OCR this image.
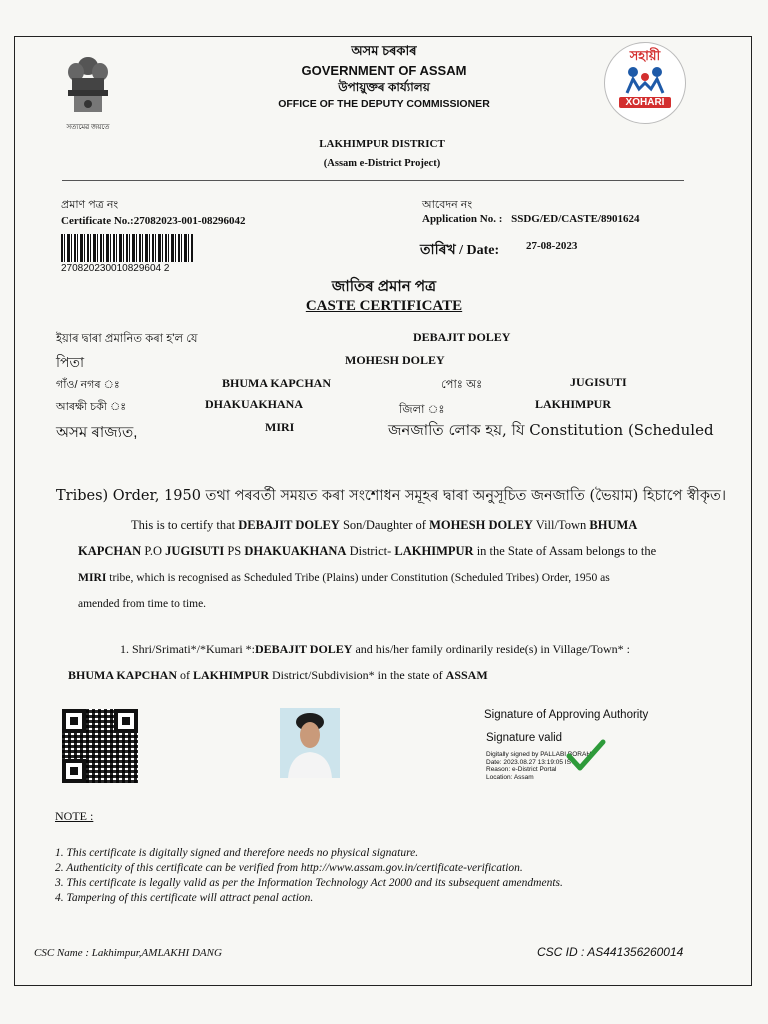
সত্যমেৱ জয়তে
অসম চৰকাৰ
GOVERNMENT OF ASSAM
উপায়ুক্তৰ কাৰ্য্যালয়
OFFICE OF THE DEPUTY COMMISSIONER
সহায়ী
XOHARI
LAKHIMPUR DISTRICT
(Assam e-District Project)
প্ৰমাণ পত্ৰ নং
Certificate No.:27082023-001-08296042
270820230010829604 2
আবেদন নং
Application No. : SSDG/ED/CASTE/8901624
তাৰিখ / Date: 27-08-2023
জাতিৰ প্ৰমান পত্ৰ
CASTE CERTIFICATE
ইয়াৰ দ্বাৰা প্ৰমানিত কৰা হ'ল যে	DEBAJIT DOLEY
পিতা	MOHESH DOLEY
গাঁও/ নগৰ ঃ	BHUMA KAPCHAN	পোঃ অঃ	JUGISUTI
আৰক্ষী চকী ঃ	DHAKUAKHANA	জিলা ঃ	LAKHIMPUR
অসম ৰাজ্যত,	MIRI	জনজাতি লোক হয়, যি Constitution (Scheduled
Tribes) Order, 1950 তথা পৰবৰ্তী সময়ত কৰা সংশোধন সমূহৰ দ্বাৰা অনুসূচিত জনজাতি (ভৈয়াম) হিচাপে স্বীকৃত।
This is to certify that DEBAJIT DOLEY Son/Daughter of MOHESH DOLEY Vill/Town BHUMA
KAPCHAN P.O JUGISUTI PS DHAKUAKHANA District- LAKHIMPUR in the State of Assam belongs to the
MIRI tribe, which is recognised as Scheduled Tribe (Plains) under Constitution (Scheduled Tribes) Order, 1950 as
amended from time to time.
1. Shri/Srimati*/*Kumari *:DEBAJIT DOLEY and his/her family ordinarily reside(s) in Village/Town* :
BHUMA KAPCHAN of LAKHIMPUR District/Subdivision* in the state of ASSAM
Signature of Approving Authority
Signature valid
Digitally signed by PALLABI BORAH
Date: 2023.08.27 13:19:05 IST
Reason: e-District Portal
Location: Assam
NOTE :
1. This certificate is digitally signed and therefore needs no physical signature.
2. Authenticity of this certificate can be verified from http://www.assam.gov.in/certificate-verification.
3. This certificate is legally valid as per the Information Technology Act 2000 and its subsequent amendments.
4. Tampering of this certificate will attract penal action.
CSC Name : Lakhimpur,AMLAKHI DANG	CSC ID : AS441356260014
